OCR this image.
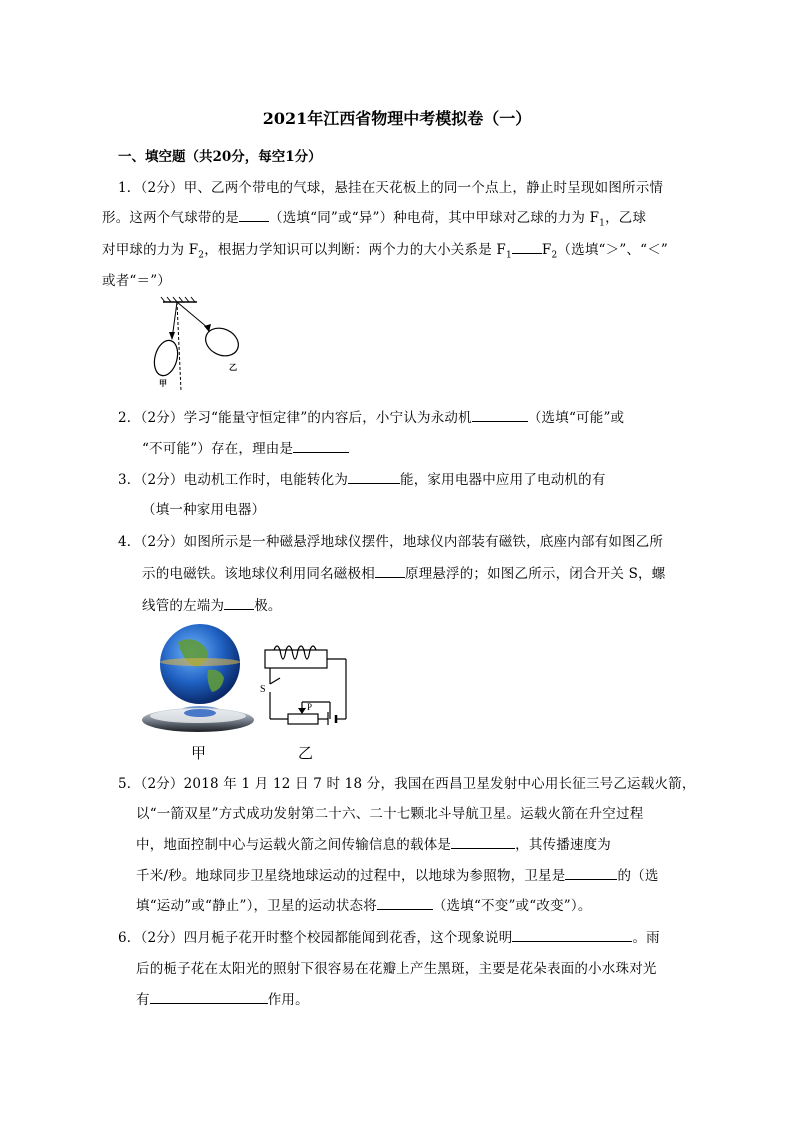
2021年江西省物理中考模拟卷（一）
一、填空题（共20分，每空1分）
1．（2分）甲、乙两个带电的气球，悬挂在天花板上的同一个点上，静止时呈现如图所示情
形。这两个气球带的是 （选填“同”或“异”）种电荷，其中甲球对乙球的力为 $F_1$，乙球
对甲球的力为 $F_2$，根据力学知识可以判断：两个力的大小关系是 $F_1$ $F_2$（选填“＞”、“＜”
或者“＝”）
甲
乙
2．（2分）学习“能量守恒定律”的内容后，小宁认为永动机	（选填“可能”或
“不可能”）存在，理由是
3．（2分）电动机工作时，电能转化为	能，家用电器中应用了电动机的有
（填一种家用电器）
4．（2分）如图所示是一种磁悬浮地球仪摆件，地球仪内部装有磁铁，底座内部有如图乙所
示的电磁铁。该地球仪利用同名磁极相 原理悬浮的；如图乙所示，闭合开关 S，螺
线管的左端为 极。
甲
S
P
乙
5．（2分）2018 年 1 月 12 日 7 时 18 分，我国在西昌卫星发射中心用长征三号乙运载火箭，
以“一箭双星”方式成功发射第二十六、二十七颗北斗导航卫星。运载火箭在升空过程
中，地面控制中心与运载火箭之间传输信息的载体是	，其传播速度为
千米/秒。地球同步卫星绕地球运动的过程中，以地球为参照物，卫星是	的（选
填“运动”或“静止”），卫星的运动状态将	（选填“不变”或“改变”）。
6．（2分）四月栀子花开时整个校园都能闻到花香，这个现象说明	。雨
后的栀子花在太阳光的照射下很容易在花瓣上产生黑斑，主要是花朵表面的小水珠对光
有	作用。
